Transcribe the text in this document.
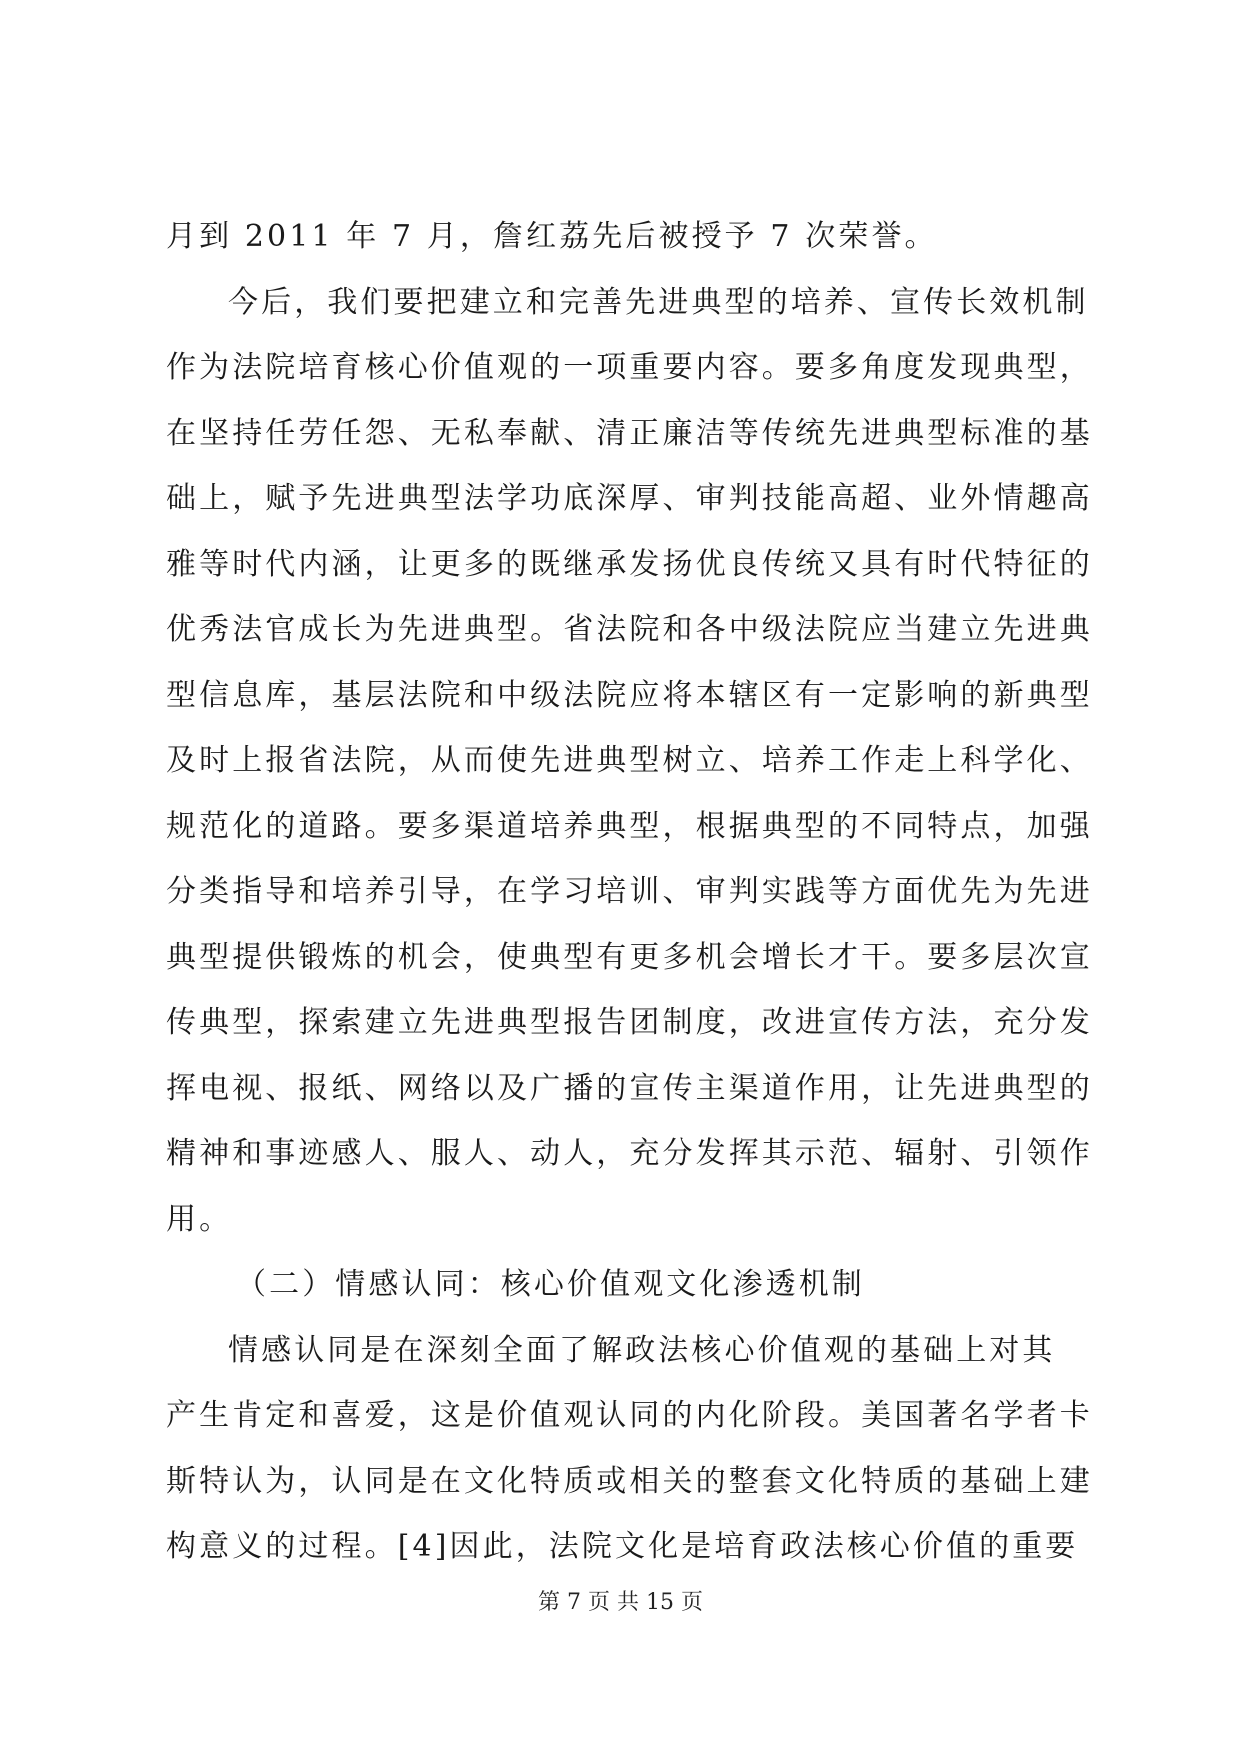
月到 2011 年 7 月，詹红荔先后被授予 7 次荣誉。
今后，我们要把建立和完善先进典型的培养、宣传长效机制
作为法院培育核心价值观的一项重要内容。要多角度发现典型，
在坚持任劳任怨、无私奉献、清正廉洁等传统先进典型标准的基
础上，赋予先进典型法学功底深厚、审判技能高超、业外情趣高
雅等时代内涵，让更多的既继承发扬优良传统又具有时代特征的
优秀法官成长为先进典型。省法院和各中级法院应当建立先进典
型信息库，基层法院和中级法院应将本辖区有一定影响的新典型
及时上报省法院，从而使先进典型树立、培养工作走上科学化、
规范化的道路。要多渠道培养典型，根据典型的不同特点，加强
分类指导和培养引导，在学习培训、审判实践等方面优先为先进
典型提供锻炼的机会，使典型有更多机会增长才干。要多层次宣
传典型，探索建立先进典型报告团制度，改进宣传方法，充分发
挥电视、报纸、网络以及广播的宣传主渠道作用，让先进典型的
精神和事迹感人、服人、动人，充分发挥其示范、辐射、引领作
用。
（二）情感认同：核心价值观文化渗透机制
情感认同是在深刻全面了解政法核心价值观的基础上对其
产生肯定和喜爱，这是价值观认同的内化阶段。美国著名学者卡
斯特认为，认同是在文化特质或相关的整套文化特质的基础上建
构意义的过程。[4]因此，法院文化是培育政法核心价值的重要
第 7 页 共 15 页
